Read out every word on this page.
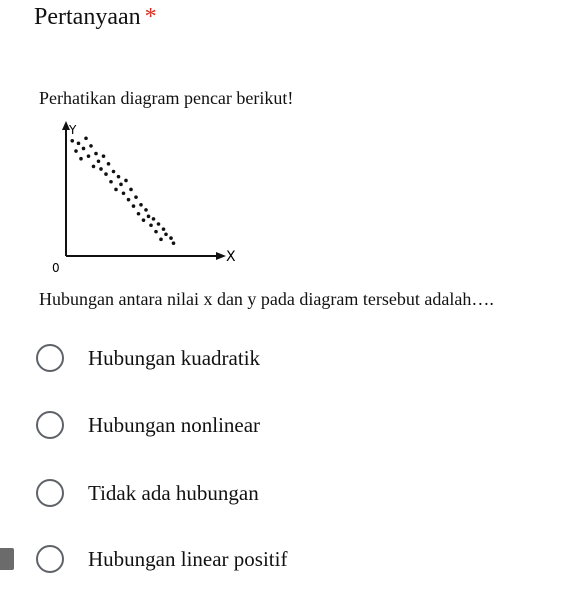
Pertanyaan *
Perhatikan diagram pencar berikut!
Y
X
0
Hubungan antara nilai x dan y pada diagram tersebut adalah….
Hubungan kuadratik
Hubungan nonlinear
Tidak ada hubungan
Hubungan linear positif
